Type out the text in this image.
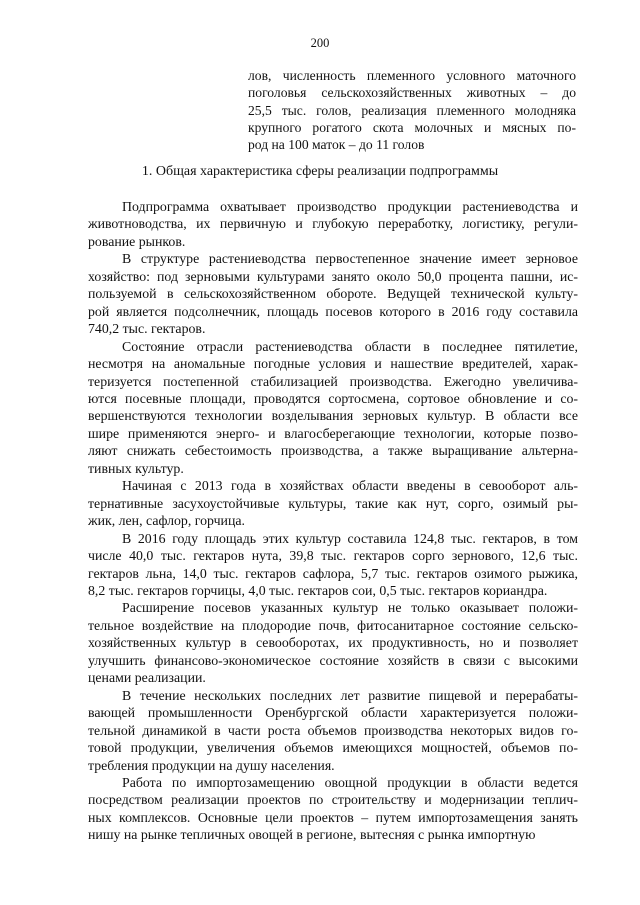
200
лов, численность племенного условного маточного
поголовья сельскохозяйственных животных – до
25,5 тыс. голов, реализация племенного молодняка
крупного рогатого скота молочных и мясных по-
род на 100 маток – до 11 голов
1. Общая характеристика сферы реализации подпрограммы
Подпрограмма охватывает производство продукции растениеводства и
животноводства, их первичную и глубокую переработку, логистику, регули-
рование рынков.
В структуре растениеводства первостепенное значение имеет зерновое
хозяйство: под зерновыми культурами занято около 50,0 процента пашни, ис-
пользуемой в сельскохозяйственном обороте. Ведущей технической культу-
рой является подсолнечник, площадь посевов которого в 2016 году составила
740,2 тыс. гектаров.
Состояние отрасли растениеводства области в последнее пятилетие,
несмотря на аномальные погодные условия и нашествие вредителей, харак-
теризуется постепенной стабилизацией производства. Ежегодно увеличива-
ются посевные площади, проводятся сортосмена, сортовое обновление и со-
вершенствуются технологии возделывания зерновых культур. В области все
шире применяются энерго- и влагосберегающие технологии, которые позво-
ляют снижать себестоимость производства, а также выращивание альтерна-
тивных культур.
Начиная с 2013 года в хозяйствах области введены в севооборот аль-
тернативные засухоустойчивые культуры, такие как нут, сорго, озимый ры-
жик, лен, сафлор, горчица.
В 2016 году площадь этих культур составила 124,8 тыс. гектаров, в том
числе 40,0 тыс. гектаров нута, 39,8 тыс. гектаров сорго зернового, 12,6 тыс.
гектаров льна, 14,0 тыс. гектаров сафлора, 5,7 тыс. гектаров озимого рыжика,
8,2 тыс. гектаров горчицы, 4,0 тыс. гектаров сои, 0,5 тыс. гектаров кориандра.
Расширение посевов указанных культур не только оказывает положи-
тельное воздействие на плодородие почв, фитосанитарное состояние сельско-
хозяйственных культур в севооборотах, их продуктивность, но и позволяет
улучшить финансово-экономическое состояние хозяйств в связи с высокими
ценами реализации.
В течение нескольких последних лет развитие пищевой и перерабаты-
вающей промышленности Оренбургской области характеризуется положи-
тельной динамикой в части роста объемов производства некоторых видов го-
товой продукции, увеличения объемов имеющихся мощностей, объемов по-
требления продукции на душу населения.
Работа по импортозамещению овощной продукции в области ведется
посредством реализации проектов по строительству и модернизации теплич-
ных комплексов. Основные цели проектов – путем импортозамещения занять
нишу на рынке тепличных овощей в регионе, вытесняя с рынка импортную
